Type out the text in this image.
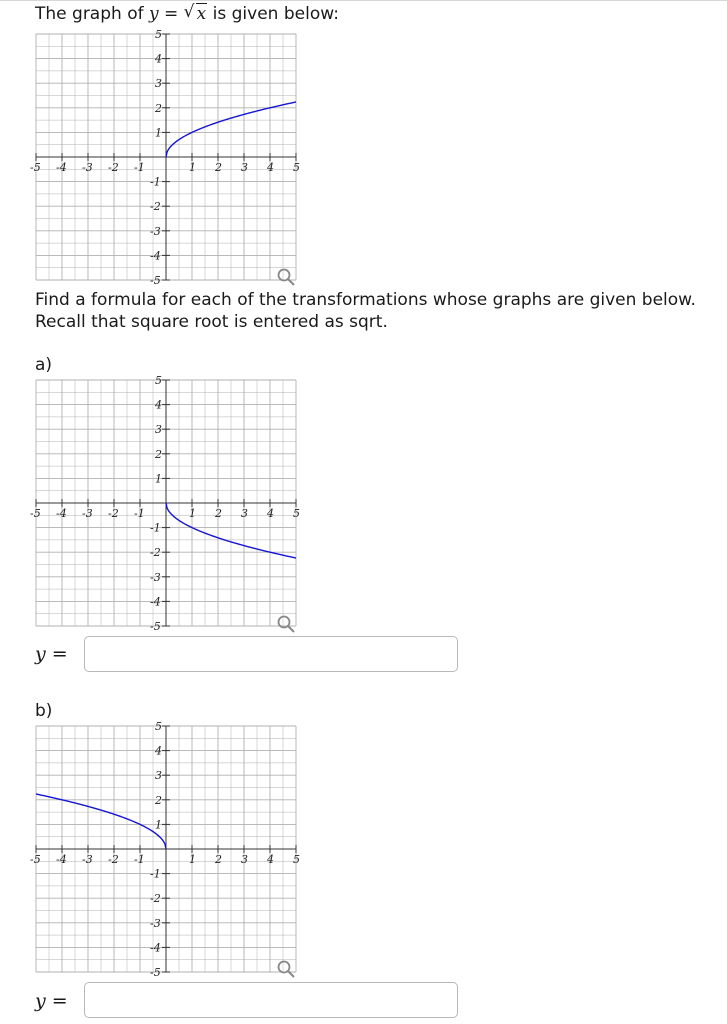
The graph of y = √ x is given below:
-5 -4 -3 -2 -1	1 2 3 4 5
5
4
3
2
1
-1
-2
-3
-4
-5
Find a formula for each of the transformations whose graphs are given below.
Recall that square root is entered as sqrt.
a)
-5 -4 -3 -2 -1	1 2 3 4 5
5
4
3
2
1
-1
-2
-3
-4
-5
y =
b)
-5 -4 -3 -2 -1	1 2 3 4 5
5
4
3
2
1
-1
-2
-3
-4
-5
y =
